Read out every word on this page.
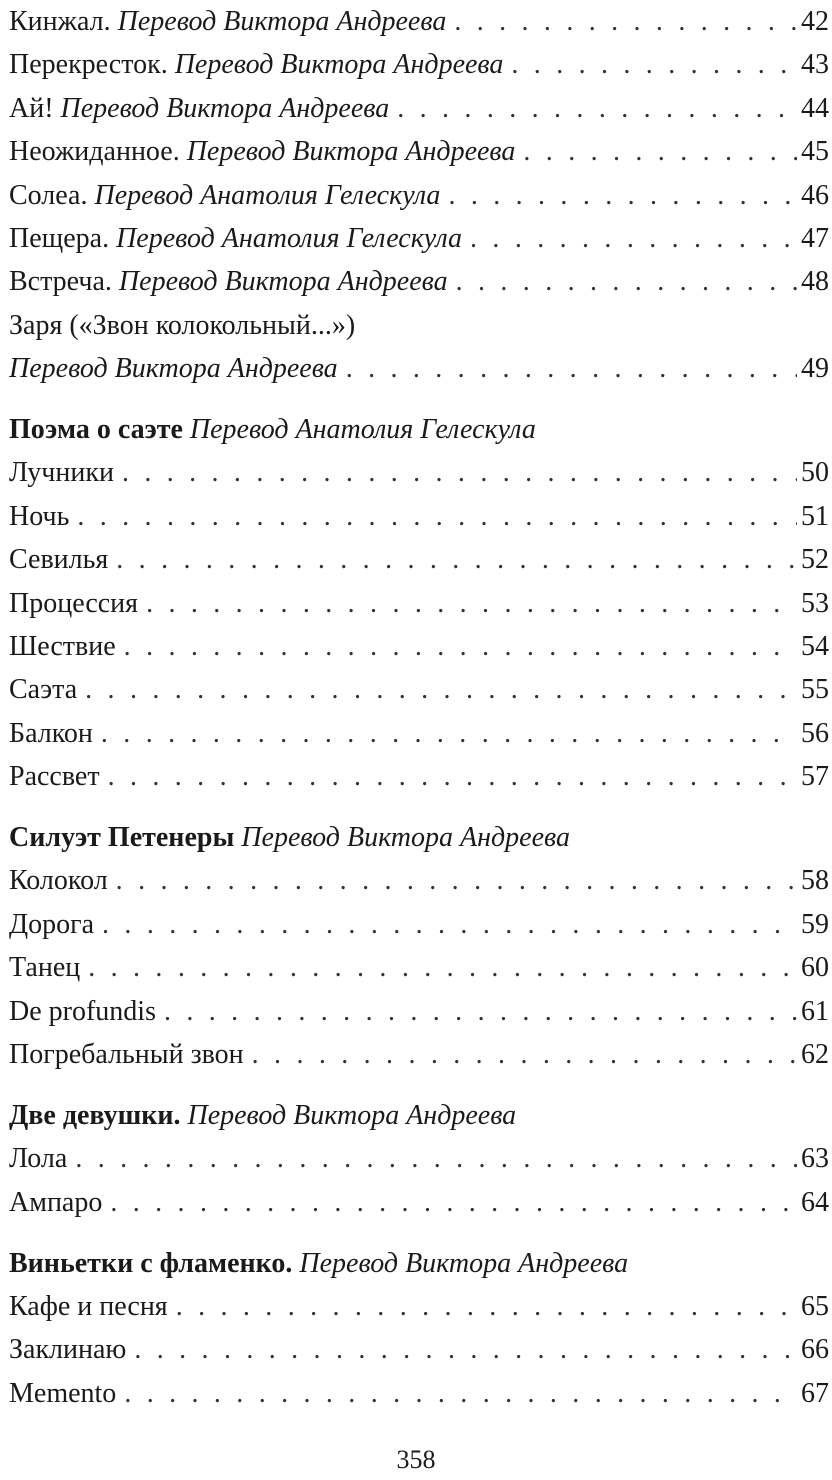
Кинжал. Перевод Виктора Андреева . . .	42
Перекресток. Перевод Виктора Андреева . . .	43
Ай! Перевод Виктора Андреева . . .	44
Неожиданное. Перевод Виктора Андреева . . .	45
Солеа. Перевод Анатолия Гелескула . . .	46
Пещера. Перевод Анатолия Гелескула . . .	47
Встреча. Перевод Виктора Андреева . . .	48
Заря («Звон колокольный...»)
Перевод Виктора Андреева . . .	49
Поэма о саэте Перевод Анатолия Гелескула
Лучники . . .	50
Ночь . . .	51
Севилья . . .	52
Процессия . . .	53
Шествие . . .	54
Саэта . . .	55
Балкон . . .	56
Рассвет . . .	57
Силуэт Петенеры Перевод Виктора Андреева
Колокол . . .	58
Дорога . . .	59
Танец . . .	60
De profundis . . .	61
Погребальный звон . . .	62
Две девушки. Перевод Виктора Андреева
Лола . . .	63
Ампаро . . .	64
Виньетки с фламенко. Перевод Виктора Андреева
Кафе и песня . . .	65
Заклинаю . . .	66
Memento . . .	67
358
